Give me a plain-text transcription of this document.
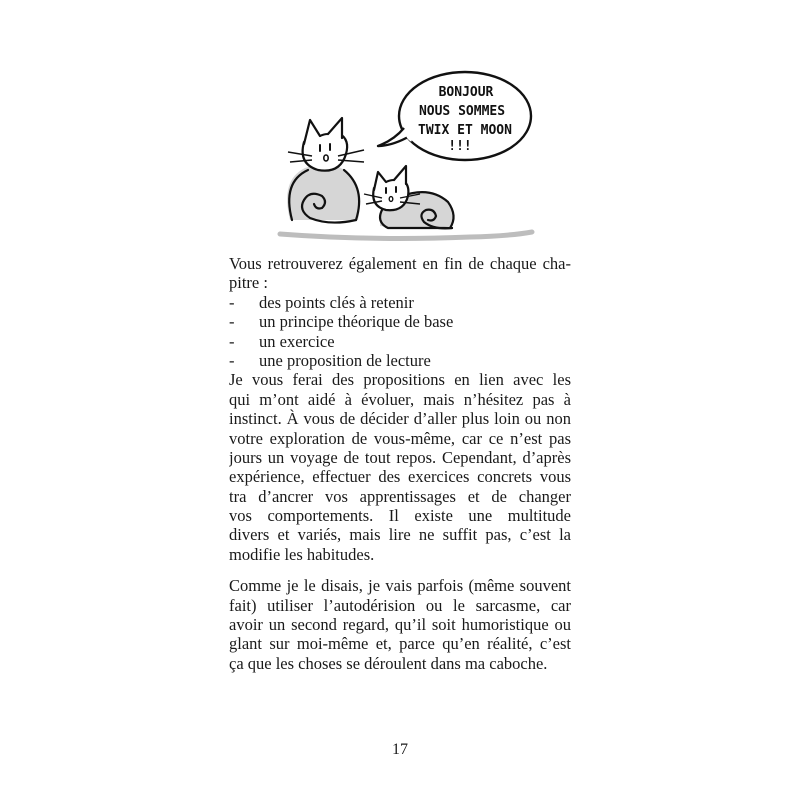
BONJOUR
NOUS SOMMES
TWIX ET MOON
!!!
Vous retrouverez également en fin de chaque cha-
pitre :
-	des points clés à retenir
-	un principe théorique de base
-	un exercice
-	une proposition de lecture
Je vous ferai des propositions en lien avec les
qui m’ont aidé à évoluer, mais n’hésitez pas à
instinct. À vous de décider d’aller plus loin ou non
votre exploration de vous-même, car ce n’est pas
jours un voyage de tout repos. Cependant, d’après
expérience, effectuer des exercices concrets vous
tra d’ancrer vos apprentissages et de changer
vos comportements. Il existe une multitude
divers et variés, mais lire ne suffit pas, c’est la
modifie les habitudes.
Comme je le disais, je vais parfois (même souvent
fait) utiliser l’autodérision ou le sarcasme, car
avoir un second regard, qu’il soit humoristique ou
glant sur moi-même et, parce qu’en réalité, c’est
ça que les choses se déroulent dans ma caboche.
17
